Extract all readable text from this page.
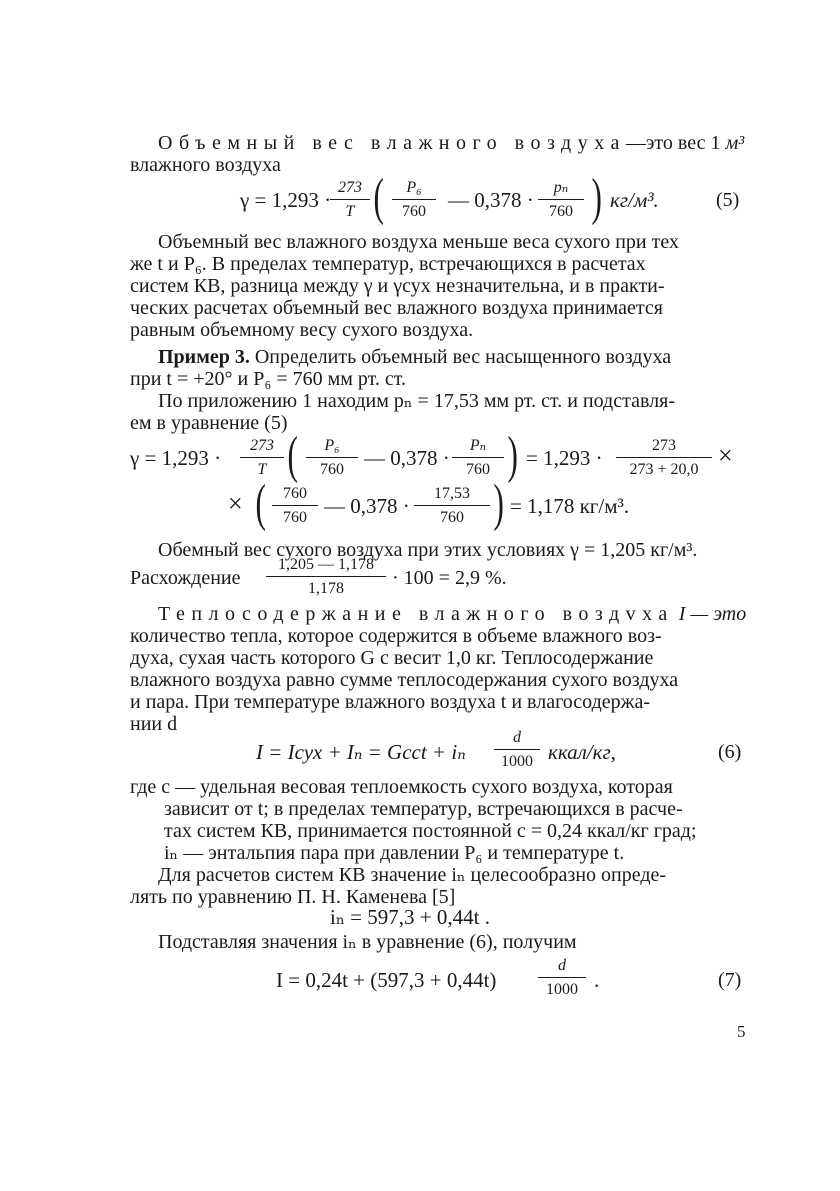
Объемный вес влажного воздуха—это вес 1 м³
влажного воздуха
γ = 1,293 ·
$\frac{273}{T}$ ( $\frac{\text{P₆}}{760}$ — $0,378 \cdot \frac{\text{pₙ}}{760}$ ) кг/м³.	(5)
Объемный вес влажного воздуха меньше веса сухого при тех
же t и P₆. В пределах температур, встречающихся в расчетах
систем КВ, разница между γ и γсух незначительна, и в практи-
ческих расчетах объемный вес влажного воздуха принимается
равным объемному весу сухого воздуха.
Пример 3. Определить объемный вес насыщенного воздуха
при t = +20° и P₆ = 760 мм рт. ст.
По приложению 1 находим pₙ = 17,53 мм рт. ст. и подставля-
ем в уравнение (5)
$\gamma = 1,293 \cdot \frac{273}{T}$ ( $\frac{\text{P₆}}{760}$ — $0,378 \cdot \frac{\text{Pₙ}}{760}$ ) = $1,293 \cdot \frac{273}{273 + 20,0}$ ×
× ( $\frac{760}{760}$ — $0,378 \cdot \frac{17,53}{760}$ ) = 1,178 кг/м³.
Обемный вес сухого воздуха при этих условиях γ = 1,205 кг/м³.
Расхождение $\frac{1,205 — 1,178}{1,178} \cdot 100 = 2,9$ %.
Теплосодержание влажного воздvха I — это
количество тепла, которое содержится в объеме влажного воз-
духа, сухая часть которого G с весит 1,0 кг. Теплосодержание
влажного воздуха равно сумме теплосодержания сухого воздуха
и пара. При температуре влажного воздуха t и влагосодержа-
нии d
I = Iсух + Iₙ = Gсct + iₙ $\frac{d}{1000}$ ккал/кг,	(6)
где c — удельная весовая теплоемкость сухого воздуха, которая
зависит от t; в пределах температур, встречающихся в расче-
тах систем КВ, принимается постоянной c = 0,24 ккал/кг град;
iₙ — энтальпия пара при давлении P₆ и температуре t.
Для расчетов систем КВ значение iₙ целесообразно опреде-
лять по уравнению П. Н. Каменева [5]
iₙ = 597,3 + 0,44t .
Подставляя значения iₙ в уравнение (6), получим
I = 0,24t + (597,3 + 0,44t)	$\frac{d}{1000}$ .	(7)
5
